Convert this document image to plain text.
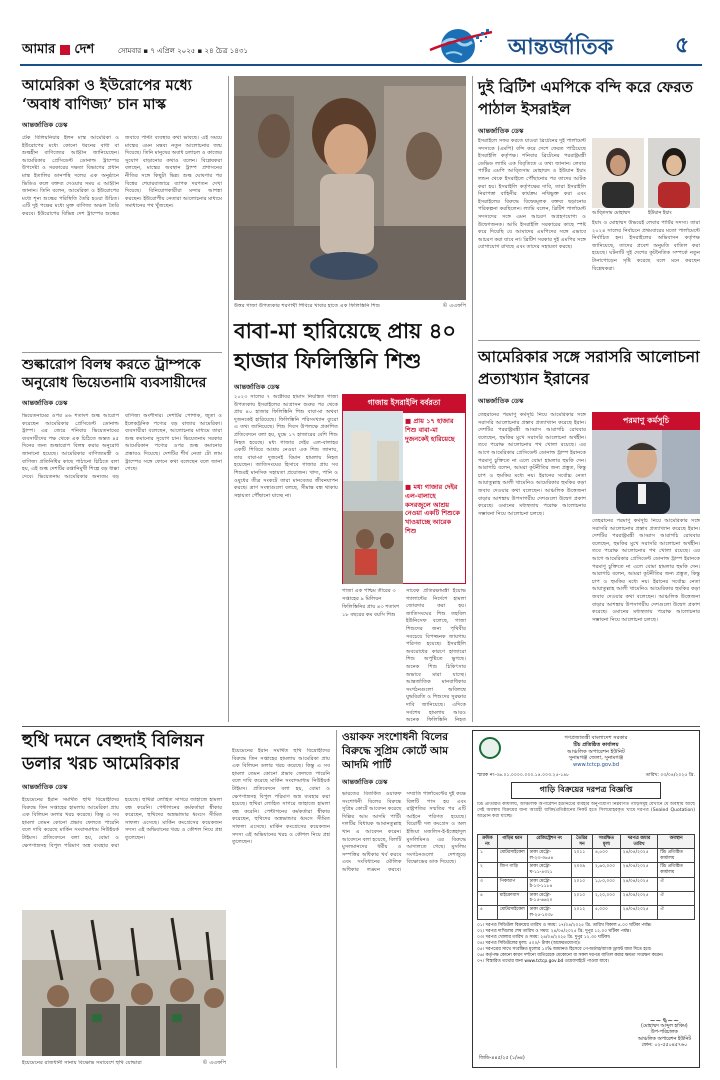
আমার দেশ	সোমবার ▪ ৭ এপ্রিল ২০২৫ ▪ ২৪ চৈত্র ১৪৩১	আন্তর্জাতিক	৫
আমেরিকা ও ইউরোপের মধ্যে ‘অবাধ বাণিজ্য’ চান মাস্ক
আন্তর্জাতিক ডেস্ক
টেক বিলিয়নিয়ার ইলন মাস্ক আমেরিকা ও ইউরোপের মধ্যে কোনো ধরনের বাধা বা শুল্কহীন বাণিজ্যের আহ্বান জানিয়েছেন। আমেরিকার প্রেসিডেন্ট ডোনাল্ড ট্রাম্পের উপদেষ্টা ও সরকারের দক্ষতা বিভাগের প্রধান মাস্ক ইতালির ডানপন্থি দলের এক অনুষ্ঠানে ভিডিও কলে বক্তব্য দেওয়ার সময় এ আহ্বান জানান। তিনি বলেন, আমেরিকা ও ইউরোপের মধ্যে শূন্য শুল্কের পরিস্থিতি তৈরি হওয়া উচিত। এটি দুই পক্ষের মধ্যে মুক্ত বাণিজ্য অঞ্চল তৈরি করবে। ইউরোপের বিভিন্ন দেশ ট্রাম্পের শুল্কের জবাবে পাল্টা ব্যবস্থার কথা ভাবছে। এই সময়ে মাস্কের এমন মন্তব্য নতুন আলোচনার জন্ম দিয়েছে। তিনি মানুষের অবাধ চলাচল ও কাজের সুযোগ বাড়ানোর কথাও বলেন। বিশ্লেষকরা বলছেন, মাস্কের অবস্থান ট্রাম্প প্রশাসনের নীতির সঙ্গে কিছুটা ভিন্ন। শুল্ক ঘোষণার পর বিশ্বের শেয়ারবাজারে ব্যাপক দরপতন দেখা দিয়েছে। বিনিয়োগকারীরা মন্দার আশঙ্কা করছেন। ইউরোপীয় নেতারা আলোচনার মাধ্যমে সমাধানের পথ খুঁজছেন।
শুল্কারোপ বিলম্ব করতে ট্রাম্পকে অনুরোধ ভিয়েতনামি ব্যবসায়ীদের
আন্তর্জাতিক ডেস্ক
ভিয়েতনামের ওপর ৪৬ শতাংশ শুল্ক আরোপ করেছেন আমেরিকার প্রেসিডেন্ট ডোনাল্ড ট্রাম্প। এর জেরে শনিবার ভিয়েতনামের ব্যবসায়ীদের পক্ষ থেকে এক চিঠিতে অন্তত ৪৫ দিনের জন্য শুল্কারোপ বিলম্ব করার অনুরোধ জানানো হয়েছে। আমেরিকার বাণিজ্যমন্ত্রী ও বাণিজ্য প্রতিনিধির কাছে পাঠানো চিঠিতে বলা হয়, এই শুল্ক দেশটির রপ্তানিমুখী শিল্পে বড় ধাক্কা দেবে। ভিয়েতনাম আমেরিকার অন্যতম বড় বাণিজ্য অংশীদার। দেশটির পোশাক, জুতা ও ইলেকট্রনিক পণ্যের বড় বাজার আমেরিকা। ব্যবসায়ীরা বলেছেন, আলোচনার মাধ্যমে তারা শুল্ক কমানোর সুযোগ চান। ভিয়েতনাম সরকার আমেরিকান পণ্যের ওপর শুল্ক কমানোর প্রস্তাবও দিয়েছে। দেশটির শীর্ষ নেতা টো লাম ট্রাম্পের সঙ্গে ফোনে কথা বলেছেন বলে জানা গেছে।
উত্তর গাজা উপত্যকার শরণার্থী শিবিরে খাবার হাতে এক ফিলিস্তিনি শিশু	© এএফপি
বাবা-মা হারিয়েছে প্রায় ৪০ হাজার ফিলিস্তিনি শিশু
আন্তর্জাতিক ডেস্ক
২০২৩ সালের ৭ অক্টোবর হামাস নিয়ন্ত্রিত গাজা উপত্যকায় ইসরাইলের আগ্রাসন শুরুর পর থেকে প্রায় ৪০ হাজার ফিলিস্তিনি শিশু বাবা-মা অথবা দুজনকেই হারিয়েছে। ফিলিস্তিনি পরিসংখ্যান ব্যুরো এ তথ্য জানিয়েছে। শিশু দিবস উপলক্ষে প্রকাশিত প্রতিবেদনে বলা হয়, যুদ্ধে ১৭ হাজারের বেশি শিশু নিহত হয়েছে। মধ্য গাজার দেইর এল-বালাহর একটি শিবিরে আশ্রয় নেওয়া এক শিশু জানায়, তার বাবা-মা দুজনেই বিমান হামলায় নিহত হয়েছেন। জাতিসংঘের হিসাবে গাজার প্রায় সব শিশুরই মানসিক সহায়তা প্রয়োজন। খাদ্য, পানি ও ওষুধের তীব্র সংকটে তারা মানবেতর জীবনযাপন করছে। ত্রাণ সংস্থাগুলো বলছে, সীমান্ত বন্ধ থাকায় সহায়তা পৌঁছানো যাচ্ছে না।
গাজায় ইসরাইলি বর্বরতা
■ প্রায় ১৭ হাজার শিশু বাবা-মা দুজনকেই হারিয়েছে
■ মধ্য গাজার দেইর এল-বালাহে কসরজুলে আশ্রয় নেওয়া একটি শিশুকে খাওয়াচ্ছে আরেক শিশু
গাজা এক পশ্চিম তীরের ৩ সপ্তাহের ৯ মিলিয়ন ফিলিস্তিনির প্রায় ৪৩ শতাংশ ১৮ বছরের কম বয়সি শিশু
সাবেক প্রতিরক্ষামন্ত্রী ইয়োভ গ্যালান্টের নির্দেশে হামলা জোরদার করা হয়। জাতিসংঘের শিশু তহবিল ইউনিসেফ বলেছে, গাজা শিশুদের জন্য পৃথিবীর সবচেয়ে বিপজ্জনক জায়গায় পরিণত হয়েছে। ইসরাইলি অবরোধের কারণে হাজারো শিশু অপুষ্টিতে ভুগছে। অনেক শিশু চিকিৎসার অভাবে মারা যাচ্ছে। আন্তর্জাতিক মানবাধিকার সংগঠনগুলো অবিলম্বে যুদ্ধবিরতি ও শিশুদের সুরক্ষার দাবি জানিয়েছে। এদিকে সর্বশেষ হামলায় আরও অনেক ফিলিস্তিনি নিহত
দুই ব্রিটিশ এমপিকে বন্দি করে ফেরত পাঠাল ইসরাইল
আন্তর্জাতিক ডেস্ক
ইসরাইলে সফর করতে যাওয়া ব্রিটেনের দুই পার্লামেন্ট সদস্যকে (এমপি) বন্দি করে দেশে ফেরত পাঠিয়েছে ইসরাইলি কর্তৃপক্ষ। শনিবার ব্রিটেনের পররাষ্ট্রমন্ত্রী ডেভিড ল্যামি এক বিবৃতিতে এ তথ্য জানান। লেবার পার্টির এমপি আব্তিসাম মোহাম্মদ ও ইউয়ান ইয়াং লন্ডন থেকে ইসরাইলে পৌঁছানোর পর তাদের আটক করা হয়। ইসরাইলি কর্তৃপক্ষের দাবি, তারা ইসরাইলি নিরাপত্তা বাহিনীর কার্যক্রম নথিভুক্ত করা এবং ইসরাইলের বিরুদ্ধে বিদ্বেষমূলক বক্তব্য ছড়ানোর পরিকল্পনা করছিলেন। ল্যামি বলেন, ব্রিটিশ পার্লামেন্ট সদস্যদের সঙ্গে এমন আচরণ অগ্রহণযোগ্য ও উদ্বেগজনক। আমি ইসরাইলি সরকারের কাছে স্পষ্ট করে দিয়েছি যে আমাদের এমপিদের সঙ্গে এভাবে আচরণ করা যাবে না। ব্রিটিশ সরকার দুই এমপির সঙ্গে যোগাযোগ রাখছে এবং তাদের সহায়তা করছে।
আব্তিসাম মোহাম্মদ	ইউয়ান ইয়াং
ইয়াং ও মোহাম্মদ উভয়েই লেবার পার্টির সদস্য। তারা ২০২৪ সালের নির্বাচনে প্রথমবারের মতো পার্লামেন্টে নির্বাচিত হন। ইসরাইলের অভিবাসন কর্তৃপক্ষ জানিয়েছে, তাদের প্রবেশ অনুমতি বাতিল করা হয়েছে। ঘটনাটি দুই দেশের কূটনৈতিক সম্পর্কে নতুন টানাপোড়েন সৃষ্টি করেছে বলে মনে করছেন বিশ্লেষকরা।
আমেরিকার সঙ্গে সরাসরি আলোচনা প্রত্যাখ্যান ইরানের
আন্তর্জাতিক ডেস্ক
তেহরানের পরমাণু কর্মসূচি নিয়ে আমেরিকার সঙ্গে সরাসরি আলোচনার প্রস্তাব প্রত্যাখ্যান করেছে ইরান। দেশটির পররাষ্ট্রমন্ত্রী আব্বাস আরাগচি রোববার বলেছেন, হুমকির মুখে সরাসরি আলোচনা অর্থহীন। তবে পরোক্ষ আলোচনার পথ খোলা রয়েছে। এর আগে আমেরিকার প্রেসিডেন্ট ডোনাল্ড ট্রাম্প ইরানকে পরমাণু চুক্তিতে না এলে বোমা হামলার হুমকি দেন। আরাগচি বলেন, আমরা কূটনীতির জন্য প্রস্তুত, কিন্তু চাপ ও হুমকির মধ্যে নয়। ইরানের সর্বোচ্চ নেতা আয়াতুল্লাহ আলী খামেনিও আমেরিকার হুমকির কড়া জবাব দেওয়ার কথা বলেছেন। আঞ্চলিক উত্তেজনা বাড়ার আশঙ্কায় উপসাগরীয় দেশগুলো উদ্বেগ প্রকাশ করেছে। ওমানের মধ্যস্থতায় পরোক্ষ আলোচনার সম্ভাবনা নিয়ে আলোচনা চলছে।
পরমাণু কর্মসূচি
তেহরানের পরমাণু কর্মসূচি নিয়ে আমেরিকার সঙ্গে সরাসরি আলোচনার প্রস্তাব প্রত্যাখ্যান করেছে ইরান। দেশটির পররাষ্ট্রমন্ত্রী আব্বাস আরাগচি রোববার বলেছেন, হুমকির মুখে সরাসরি আলোচনা অর্থহীন। তবে পরোক্ষ আলোচনার পথ খোলা রয়েছে। এর আগে আমেরিকার প্রেসিডেন্ট ডোনাল্ড ট্রাম্প ইরানকে পরমাণু চুক্তিতে না এলে বোমা হামলার হুমকি দেন। আরাগচি বলেন, আমরা কূটনীতির জন্য প্রস্তুত, কিন্তু চাপ ও হুমকির মধ্যে নয়। ইরানের সর্বোচ্চ নেতা আয়াতুল্লাহ আলী খামেনিও আমেরিকার হুমকির কড়া জবাব দেওয়ার কথা বলেছেন। আঞ্চলিক উত্তেজনা বাড়ার আশঙ্কায় উপসাগরীয় দেশগুলো উদ্বেগ প্রকাশ করেছে। ওমানের মধ্যস্থতায় পরোক্ষ আলোচনার সম্ভাবনা নিয়ে আলোচনা চলছে।
হুথি দমনে বেহুদাই বিলিয়ন ডলার খরচ আমেরিকার
আন্তর্জাতিক ডেস্ক
ইয়েমেনের ইরান সমর্থিত হুথি বিদ্রোহীদের বিরুদ্ধে তিন সপ্তাহের হামলায় আমেরিকা প্রায় এক বিলিয়ন ডলার খরচ করেছে। কিন্তু এ সব হামলা তেমন কোনো প্রভাব ফেলতে পারেনি বলে দাবি করেছে মার্কিন সংবাদমাধ্যম নিউইয়র্ক টাইমস। প্রতিবেদনে বলা হয়, বোমা ও ক্ষেপণাস্ত্রসহ বিপুল পরিমাণ অস্ত্র ব্যবহার করা হয়েছে। হুথিরা লোহিত সাগরে জাহাজে হামলা বন্ধ করেনি। পেন্টাগনের কর্মকর্তারা স্বীকার করেছেন, হুথিদের অস্ত্রভান্ডার ধ্বংসে সীমিত সাফল্য এসেছে। মার্কিন কংগ্রেসের কয়েকজন সদস্য এই অভিযানের খরচ ও কৌশল নিয়ে প্রশ্ন তুলেছেন।
ইয়েমেনের রাজধানী সানায় বিক্ষোভ সমাবেশে হুথি যোদ্ধারা	© এএফপি
ইয়েমেনের ইরান সমর্থিত হুথি বিদ্রোহীদের বিরুদ্ধে তিন সপ্তাহের হামলায় আমেরিকা প্রায় এক বিলিয়ন ডলার খরচ করেছে। কিন্তু এ সব হামলা তেমন কোনো প্রভাব ফেলতে পারেনি বলে দাবি করেছে মার্কিন সংবাদমাধ্যম নিউইয়র্ক টাইমস। প্রতিবেদনে বলা হয়, বোমা ও ক্ষেপণাস্ত্রসহ বিপুল পরিমাণ অস্ত্র ব্যবহার করা হয়েছে। হুথিরা লোহিত সাগরে জাহাজে হামলা বন্ধ করেনি। পেন্টাগনের কর্মকর্তারা স্বীকার করেছেন, হুথিদের অস্ত্রভান্ডার ধ্বংসে সীমিত সাফল্য এসেছে। মার্কিন কংগ্রেসের কয়েকজন সদস্য এই অভিযানের খরচ ও কৌশল নিয়ে প্রশ্ন তুলেছেন।
ওয়াকফ সংশোধনী বিলের বিরুদ্ধে সুপ্রিম কোর্টে আম আদমি পার্টি
আন্তর্জাতিক ডেস্ক
ভারতের বিতর্কিত ওয়াকফ সংশোধনী বিলের বিরুদ্ধে সুপ্রিম কোর্টে আবেদন করেছে দিল্লির আম আদমি পার্টি। দলটির বিধায়ক আমানতুল্লাহ খান এ আবেদন করেন। আবেদনে বলা হয়েছে, বিলটি মুসলমানদের ধর্মীয় ও সম্পত্তির অধিকার খর্ব করবে এবং সংবিধানের মৌলিক অধিকার লঙ্ঘন করবে। সম্প্রতি পার্লামেন্টের দুই কক্ষে বিলটি পাস হয় এবং রাষ্ট্রপতির সম্মতির পর এটি আইনে পরিণত হয়েছে। বিরোধী দল কংগ্রেস ও অল ইন্ডিয়া মজলিস-ই-ইত্তেহাদুল মুসলিমিনও এর বিরুদ্ধে আদালতে গেছে। মুসলিম সংগঠনগুলো দেশজুড়ে বিক্ষোভের ডাক দিয়েছে।
গণপ্রজাতন্ত্রী বাংলাদেশ সরকার
টিচ প্রতিষ্ঠিত কার্যালয়
আঞ্চলিক অপারেশন ইউনিট
সুনামগঞ্জ জেলা, সুনামগঞ্জ
www.tctcp.gov.bd
স্মারক নং-৩৬.০১.০০০০.০০০.১৪.০০৩.২৫-১৪৮	তারিখ: ০৩/০৪/২০২৫ খ্রি.
গাড়ি বিক্রয়ের দরপত্র বিজ্ঞপ্তি
টিচ প্রতিষ্ঠিত কার্যালয়, আঞ্চলিক অপারেশন ইউনিটের ব্যবহার অনুপযোগী নিম্নবর্ণিত গাড়িসমূহ যেখানে যে অবস্থায় আছে সেই অবস্থায় বিক্রয়ের জন্য আগ্রহী ব্যক্তি/প্রতিষ্ঠানের নিকট হতে সিলমোহরকৃত খামে দরপত্র (Sealed Quotation) আহ্বান করা যাচ্ছে।
ক্রমিক নং	গাড়ির ধরন	রেজিস্ট্রেশন নং	তৈরির সন	সংরক্ষিত মূল্য	দরপত্র জমার তারিখ	অবস্থান
১	মোটরসাইকেল	ঢাকা মেট্রো-ল-২৩-৩৬৫৪	২০১১	৪,৫০০	২৪/০৪/২০২৫	টিচ প্রতিষ্ঠিত কার্যালয়
২	জিপ গাড়ি	ঢাকা মেট্রো-ঘ-১১-৪৩২১	২০০৯	২,৬০,০০০	২৪/০৪/২০২৫	টিচ প্রতিষ্ঠিত কার্যালয়
৩	পিকআপ	ঢাকা মেট্রো-ঠ-১৩-১১৮৪	২০১০	১,৮০,০০০	২৪/০৪/২০২৫	ঐ
৪	মাইক্রোবাস	ঢাকা মেট্রো-চ-১৫-৬৬২০	২০১০	২,২০,০০০	২৪/০৪/২০২৫	ঐ
৫	মোটরসাইকেল	ঢাকা মেট্রো-ল-২৫-১০৩৮	২০১২	৫,০০০	২৪/০৪/২০২৫	ঐ
০১। দরপত্র সিডিউল বিক্রয়ের তারিখ ও সময়: ১৭/০৪/২০২৫ খ্রি. তারিখ বিকাল ৪.০০ ঘটিকা পর্যন্ত।
০২। দরপত্র দাখিলের শেষ তারিখ ও সময়: ২৪/০৪/২০২৫ খ্রি. দুপুর ১২.০০ ঘটিকা পর্যন্ত।
০৩। দরপত্র খোলার তারিখ ও সময়: ২৪/০৪/২০২৫ খ্রি. দুপুর ১২.৩০ ঘটিকা।
০৪। দরপত্র সিডিউলের মূল্য: ৫০০/- টাকা (অফেরতযোগ্য)।
০৫। দরপত্রের সাথে সংরক্ষিত মূল্যের ১০% জামানত হিসেবে পে-অর্ডার/ব্যাংক ড্রাফট জমা দিতে হবে।
০৬। কর্তৃপক্ষ কোনো কারণ দর্শানো ব্যতিরেকে যেকোনো বা সকল দরপত্র বাতিল করার ক্ষমতা সংরক্ষণ করেন।
০৭। বিস্তারিত তথ্যের জন্য www.tctcp.gov.bd ওয়েবসাইটে পাওয়া যাবে।
~~✎~~
(মোহাম্মদ আব্দুল হাকিম)
উপ-পরিচালক
আঞ্চলিক অপারেশন ইউনিট
ফোন: ০২-৫৫০৪৫৭৬০
জিডি-৪৪৫/২৫ (১/৬৪)
